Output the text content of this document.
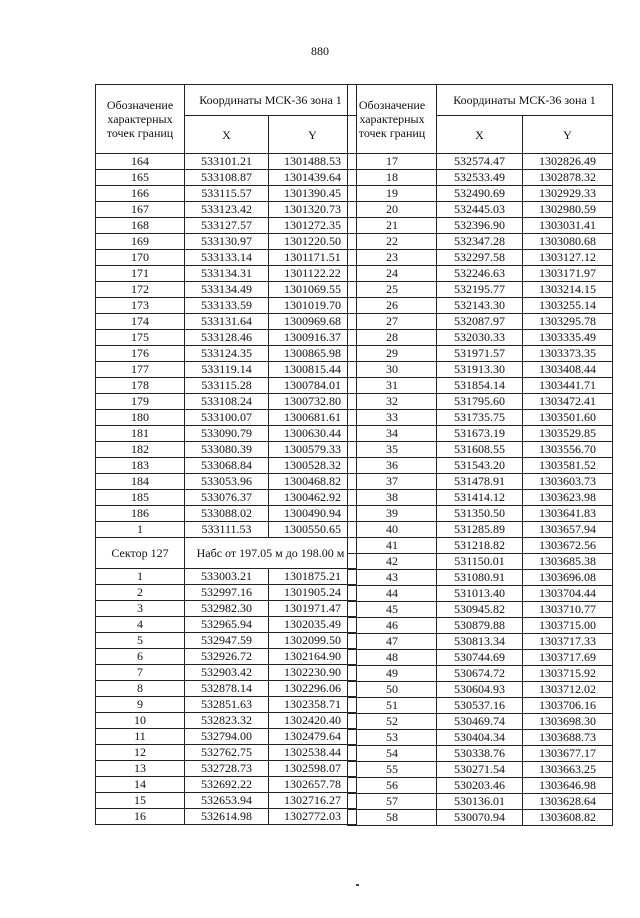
880
Обозначение характерных точек границ	Координаты МСК-36 зона 1	
	X	Y
164	533101.21	1301488.53
165	533108.87	1301439.64
166	533115.57	1301390.45
167	533123.42	1301320.73
168	533127.57	1301272.35
169	533130.97	1301220.50
170	533133.14	1301171.51
171	533134.31	1301122.22
172	533134.49	1301069.55
173	533133.59	1301019.70
174	533131.64	1300969.68
175	533128.46	1300916.37
176	533124.35	1300865.98
177	533119.14	1300815.44
178	533115.28	1300784.01
179	533108.24	1300732.80
180	533100.07	1300681.61
181	533090.79	1300630.44
182	533080.39	1300579.33
183	533068.84	1300528.32
184	533053.96	1300468.82
185	533076.37	1300462.92
186	533088.02	1300490.94
1	533111.53	1300550.65
Сектор 127	Набс от 197.05 м до 198.00 м	
1	533003.21	1301875.21
2	532997.16	1301905.24
3	532982.30	1301971.47
4	532965.94	1302035.49
5	532947.59	1302099.50
6	532926.72	1302164.90
7	532903.42	1302230.90
8	532878.14	1302296.06
9	532851.63	1302358.71
10	532823.32	1302420.40
11	532794.00	1302479.64
12	532762.75	1302538.44
13	532728.73	1302598.07
14	532692.22	1302657.78
15	532653.94	1302716.27
16	532614.98	1302772.03
Обозначение характерных точек границ	Координаты МСК-36 зона 1	
	X	Y
17	532574.47	1302826.49
18	532533.49	1302878.32
19	532490.69	1302929.33
20	532445.03	1302980.59
21	532396.90	1303031.41
22	532347.28	1303080.68
23	532297.58	1303127.12
24	532246.63	1303171.97
25	532195.77	1303214.15
26	532143.30	1303255.14
27	532087.97	1303295.78
28	532030.33	1303335.49
29	531971.57	1303373.35
30	531913.30	1303408.44
31	531854.14	1303441.71
32	531795.60	1303472.41
33	531735.75	1303501.60
34	531673.19	1303529.85
35	531608.55	1303556.70
36	531543.20	1303581.52
37	531478.91	1303603.73
38	531414.12	1303623.98
39	531350.50	1303641.83
40	531285.89	1303657.94
41	531218.82	1303672.56
42	531150.01	1303685.38
43	531080.91	1303696.08
44	531013.40	1303704.44
45	530945.82	1303710.77
46	530879.88	1303715.00
47	530813.34	1303717.33
48	530744.69	1303717.69
49	530674.72	1303715.92
50	530604.93	1303712.02
51	530537.16	1303706.16
52	530469.74	1303698.30
53	530404.34	1303688.73
54	530338.76	1303677.17
55	530271.54	1303663.25
56	530203.46	1303646.98
57	530136.01	1303628.64
58	530070.94	1303608.82
